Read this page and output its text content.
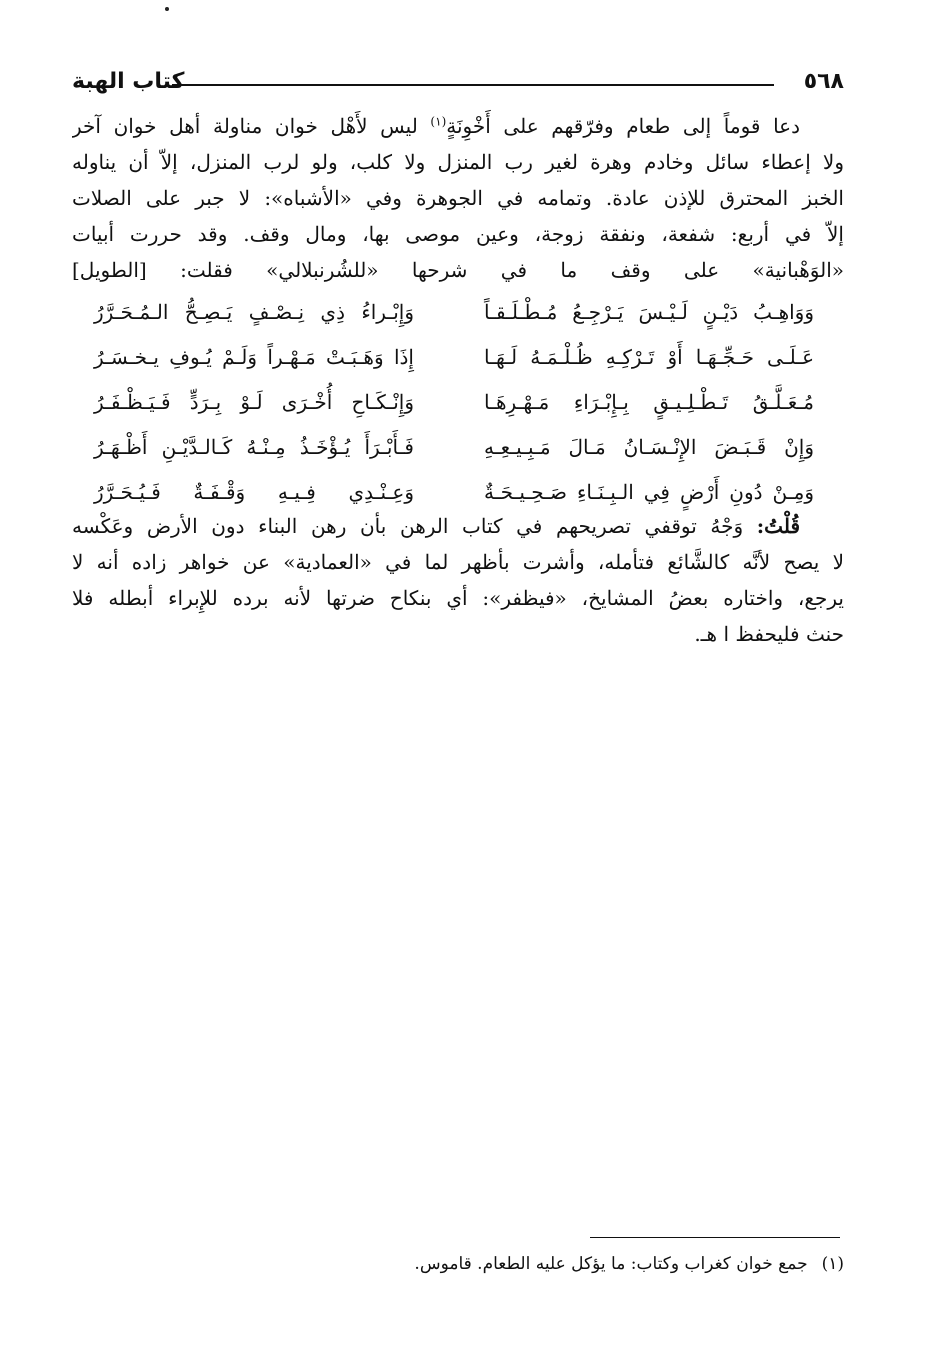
كتاب الهبة	٥٦٨
دعا قوماً إلى طعام وفرّقهم على أَخْوِنَةٍ$^{(١)}$ ليس لأَهْل خوان مناولة أهل خوان آخر
ولا إعطاء سائل وخادم وهرة لغير رب المنزل ولا كلب، ولو لرب المنزل، إلاّ أن يناوله
الخبز المحترق للإذن عادة. وتمامه في الجوهرة وفي «الأشباه»: لا جبر على الصلات
إلاّ في أربع: شفعة، ونفقة زوجة، وعين موصى بها، ومال وقف. وقد حررت أبيات
«الوَهْبانية» على وقف ما في شرحها «للشُرنبلالي» فقلت: [الطويل]
وَوَاهِـبُ دَيْـنٍ لَـيْـسَ يَـرْجِـعُ مُـطْـلَـقـاً
وَإِبْـراءُ ذِي نِـصْـفٍ يَـصِـحُّ الـمُـحَـرَّرُ
عَـلَـى حَـجِّـهَـا أَوْ تَـرْكِـهِ ظُـلْـمَـهُ لَـهَـا
إِذَا وَهَـبَـتْ مَـهْـراً وَلَـمْ يُـوفِ يـخـسَـرُ
مُـعَـلَّـقُ تَـطْـلِـيـقٍ بِـإِبْـرَاءِ مَـهْـرِهَـا
وَإِنْـكَـاحِ أُخْـرَى لَـوْ بِـرَدٍّ فَـيَـظْـفَـرُ
وَإِنْ قَـبَـضَ الإِنْـسَـانُ مَـالَ مَـبِـيـعِـهِ
فَـأَبْـرَأَ يُـؤْخَـذُ مِـنْـهُ كَـالـدَّيْـنِ أَظْـهَـرُ
وَمِـنْ دُونِ أَرْضٍ فِي الـبِـنَـاءِ صَـحِـيـحَـةٌ
وَعِـنْـدِي فِـيـهِ وَقْـفَـةٌ فَـيُـحَـرَّرُ
قُلْتُ: وَجْهُ توقفي تصريحهم في كتاب الرهن بأن رهن البناء دون الأرض وعَكْسه
لا يصح لأنَّه كالشَّائع فتأمله، وأشرت بأظهر لما في «العمادية» عن خواهر زاده أنه لا
يرجع، واختاره بعضُ المشايخ، «فيظفر»: أي بنكاح ضرتها لأنه برده للإِبراء أبطله فلا
حنث فليحفظ ا هـ.
(١)جمع خوان كغراب وكتاب: ما يؤكل عليه الطعام. قاموس.
